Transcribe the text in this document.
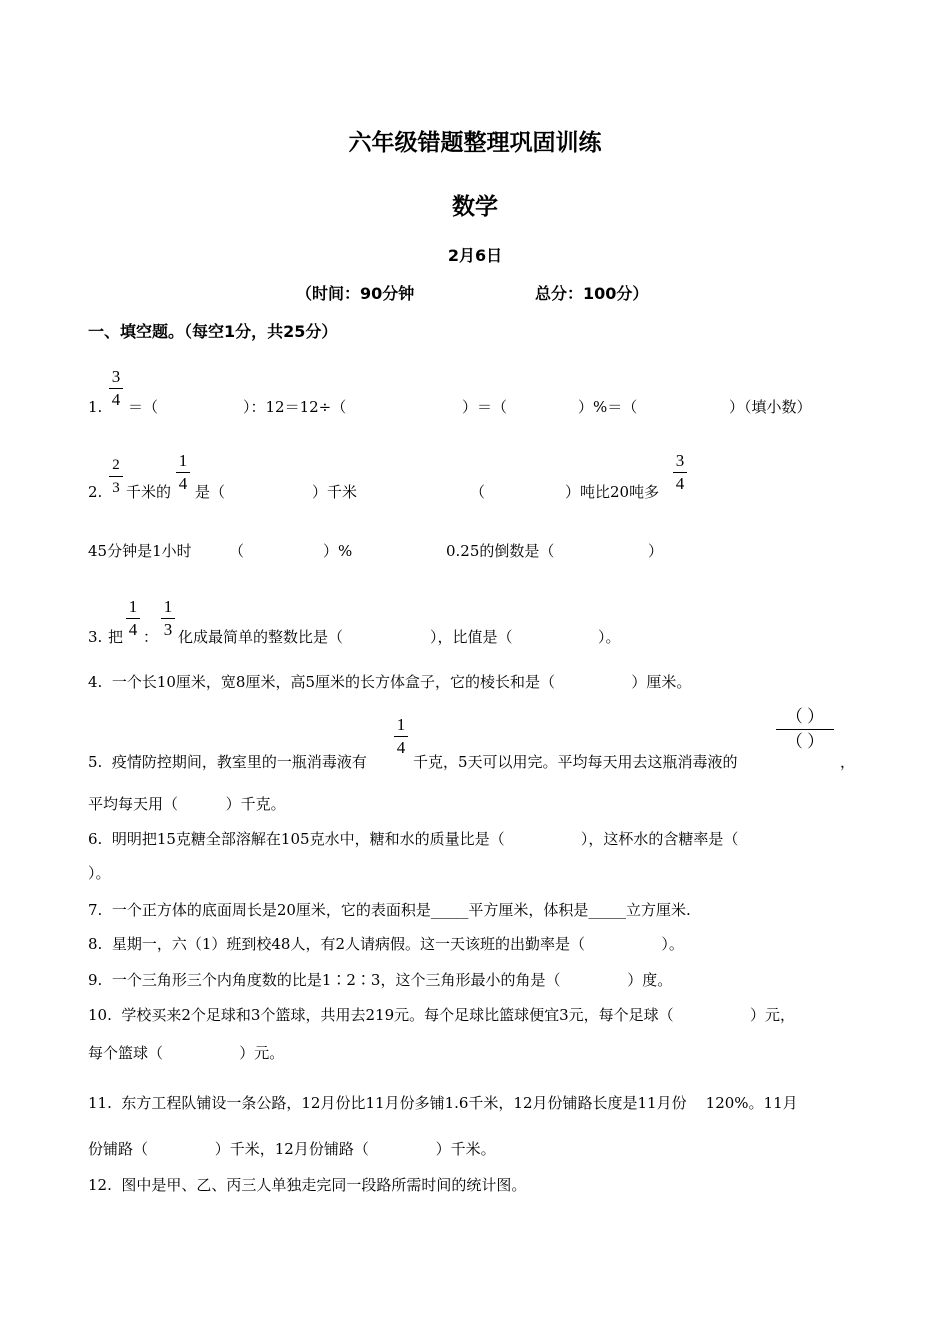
六年级错题整理巩固训练
数学
2月6日
（时间：90分钟	总分：100分）
一、填空题。（每空1分，共25分）
1.
3
4 ＝（	）：12＝12÷（	）＝（	）%＝（	）（填小数）
2.
2
3 千米的
1
4 是（	）千米	（	）吨比20吨多
3
4
45分钟是1小时 （	）%	0.25的倒数是（	）
3. 把
1
4 ：
1
3 化成最简单的整数比是（	），比值是（	）。
4.  一个长10厘米，宽8厘米，高5厘米的长方体盒子，它的棱长和是（                ）厘米。
5.  疫情防控期间，教室里的一瓶消毒液有
1
4
千克，5天可以用完。平均每天用去这瓶消毒液的
（ ）
（ ）
，
平均每天用（          ）千克。
6.  明明把15克糖全部溶解在105克水中，糖和水的质量比是（                ），这杯水的含糖率是（
）。
7.  一个正方体的底面周长是20厘米，它的表面积是_____平方厘米，体积是_____立方厘米.
8.  星期一，六（1）班到校48人，有2人请病假。这一天该班的出勤率是（                ）。
9.  一个三角形三个内角度数的比是1∶2∶3，这个三角形最小的角是（              ）度。
10.  学校买来2个足球和3个篮球，共用去219元。每个足球比篮球便宜3元，每个足球（                ）元，
每个篮球（                ）元。
11.  东方工程队铺设一条公路，12月份比11月份多铺1.6千米，12月份铺路长度是11月份    120%。11月
份铺路（              ）千米，12月份铺路（              ）千米。
12.  图中是甲、乙、丙三人单独走完同一段路所需时间的统计图。
